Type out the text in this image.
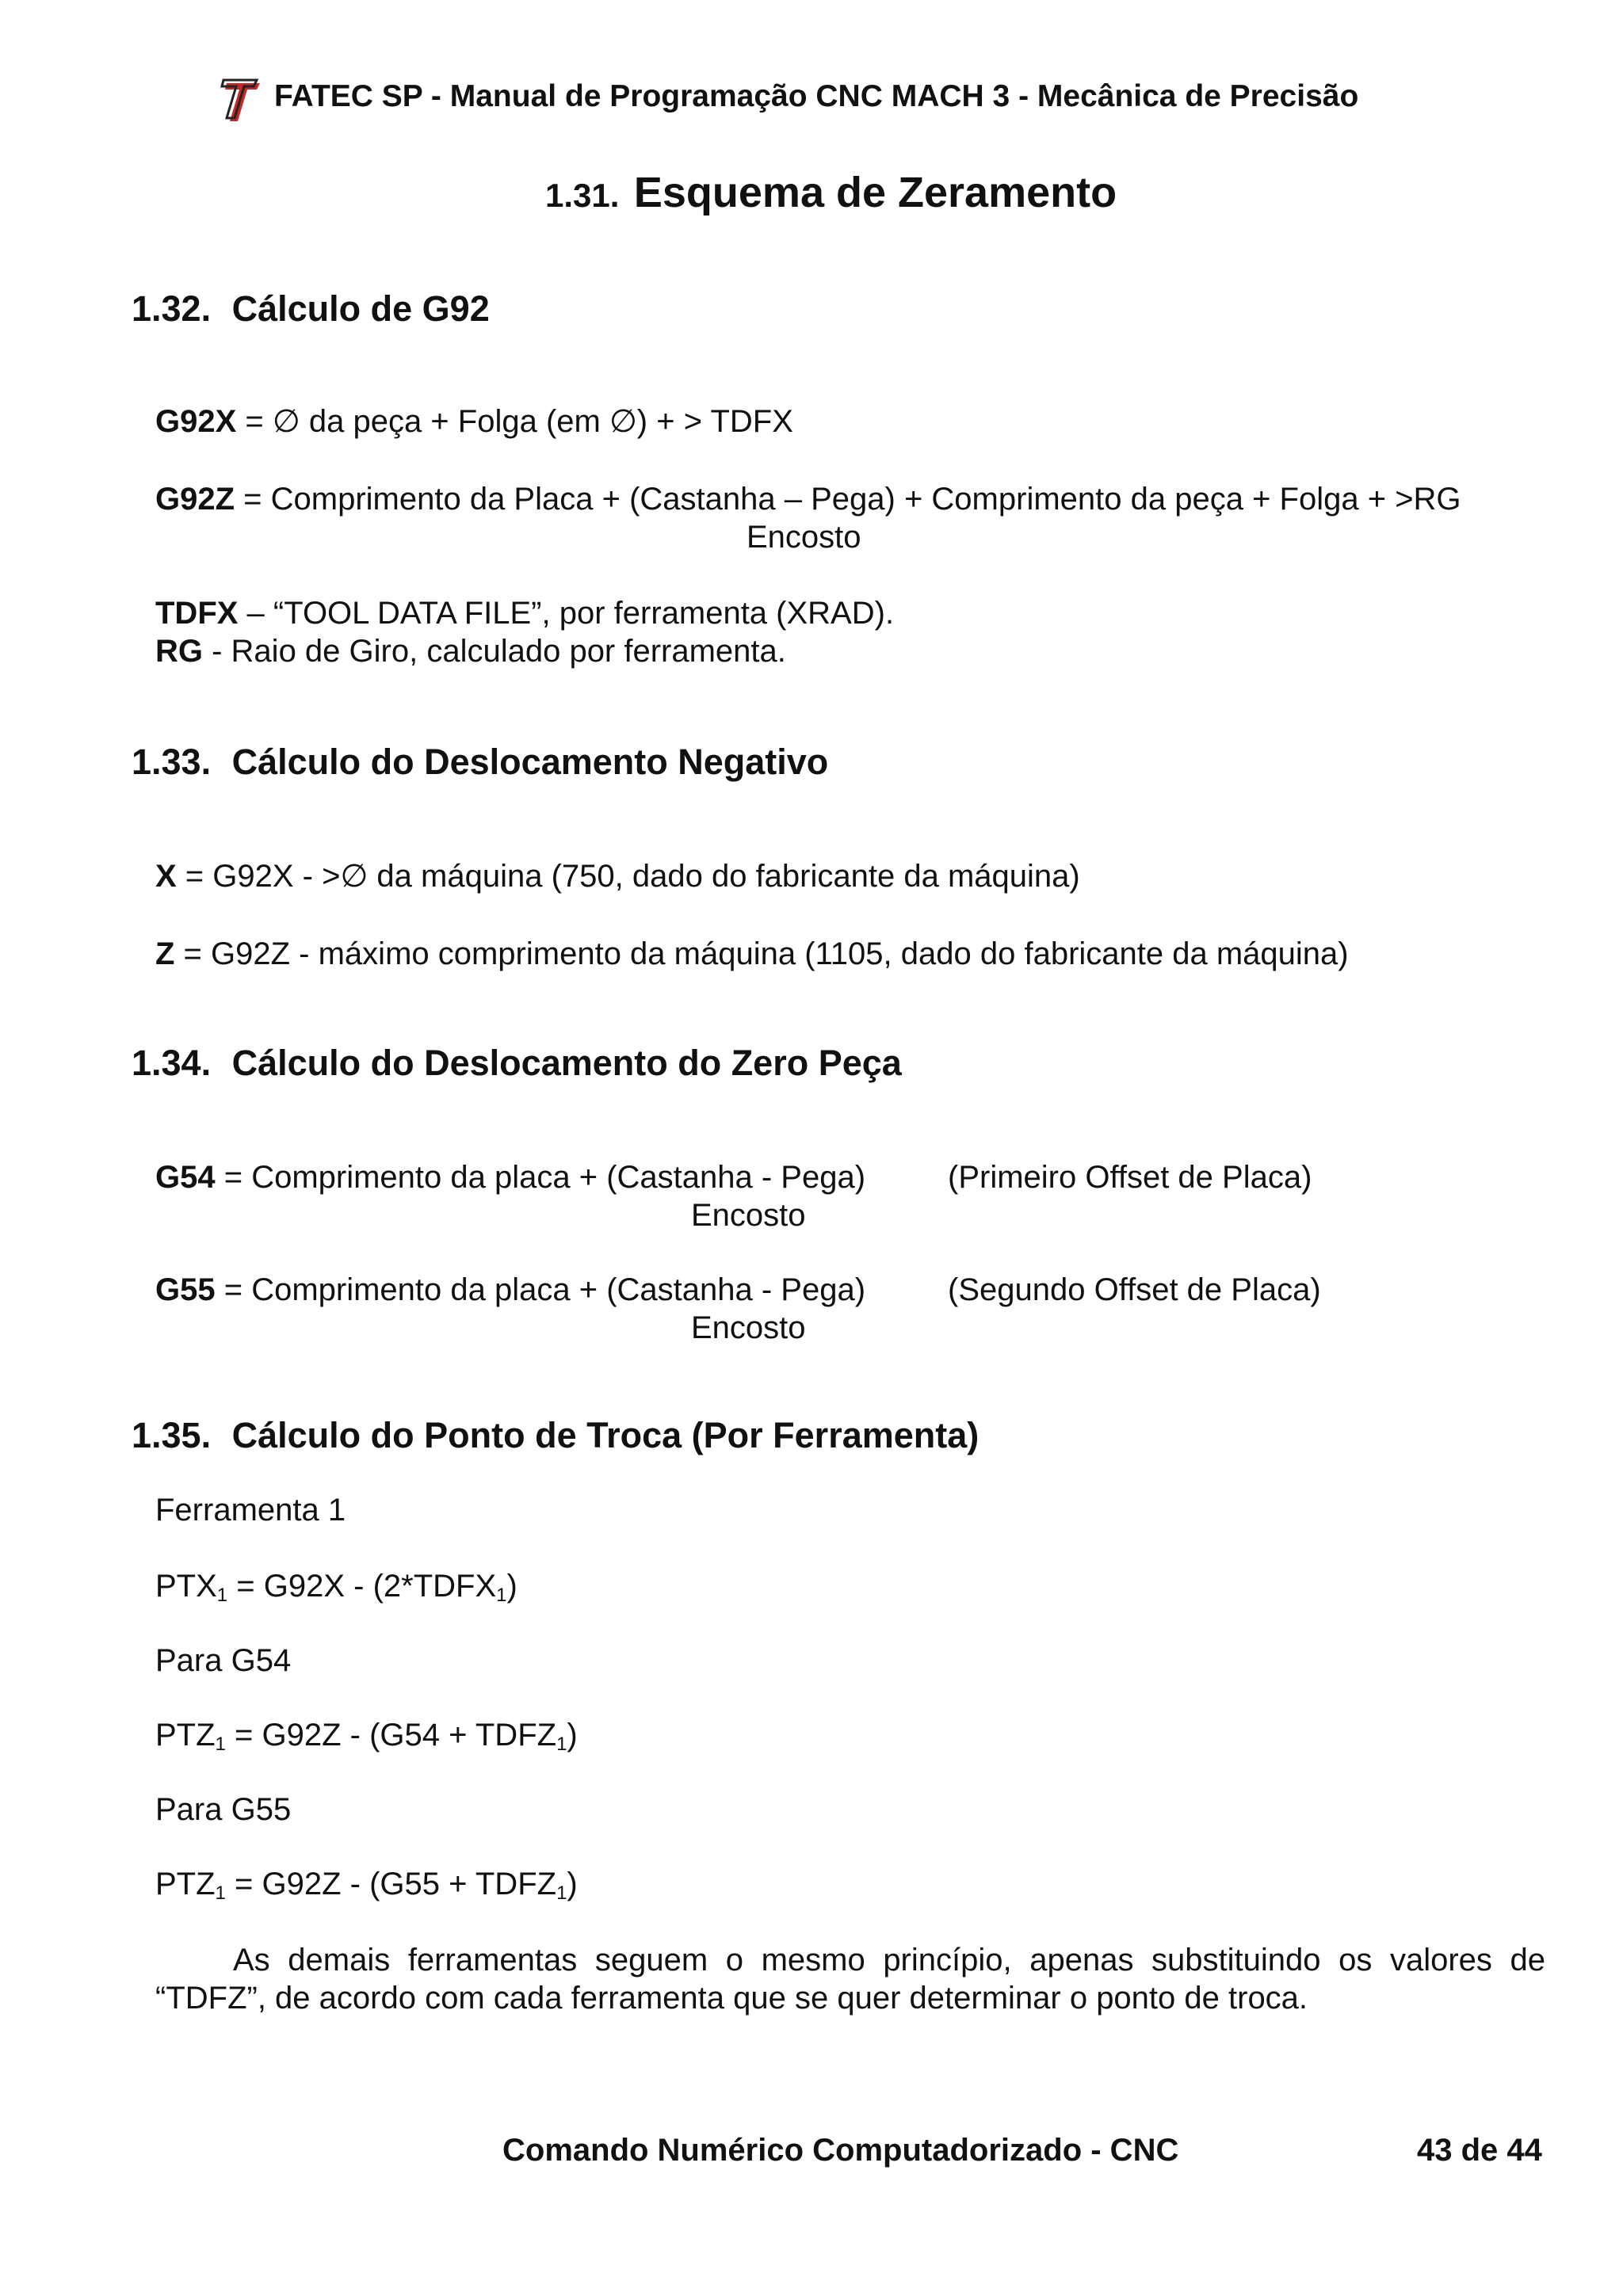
FATEC SP - Manual de Programação CNC MACH 3 - Mecânica de Precisão
1.31. Esquema de Zeramento
1.32. Cálculo de G92
G92X = ∅ da peça + Folga (em ∅) + > TDFX
G92Z = Comprimento da Placa + (Castanha – Pega) + Comprimento da peça + Folga + >RG
Encosto
TDFX – “TOOL DATA FILE”, por ferramenta (XRAD).
RG - Raio de Giro, calculado por ferramenta.
1.33. Cálculo do Deslocamento Negativo
X = G92X - >∅ da máquina (750, dado do fabricante da máquina)
Z = G92Z - máximo comprimento da máquina (1105, dado do fabricante da máquina)
1.34. Cálculo do Deslocamento do Zero Peça
G54 = Comprimento da placa + (Castanha - Pega)	(Primeiro Offset de Placa)
Encosto
G55 = Comprimento da placa + (Castanha - Pega)	(Segundo Offset de Placa)
Encosto
1.35. Cálculo do Ponto de Troca (Por Ferramenta)
Ferramenta 1
$PTX_1 = G92X$ - $(2*TDFX_1)$
Para G54
$PTZ_1 = G92Z - (G54$ + $TDFZ_1$)
Para G55
$PTZ_1 = G92Z - (G55$ + $TDFZ_1$)
As demais ferramentas seguem o mesmo princípio, apenas substituindo os valores de
“TDFZ”, de acordo com cada ferramenta que se quer determinar o ponto de troca.
Comando Numérico Computadorizado - CNC	43 de 44
